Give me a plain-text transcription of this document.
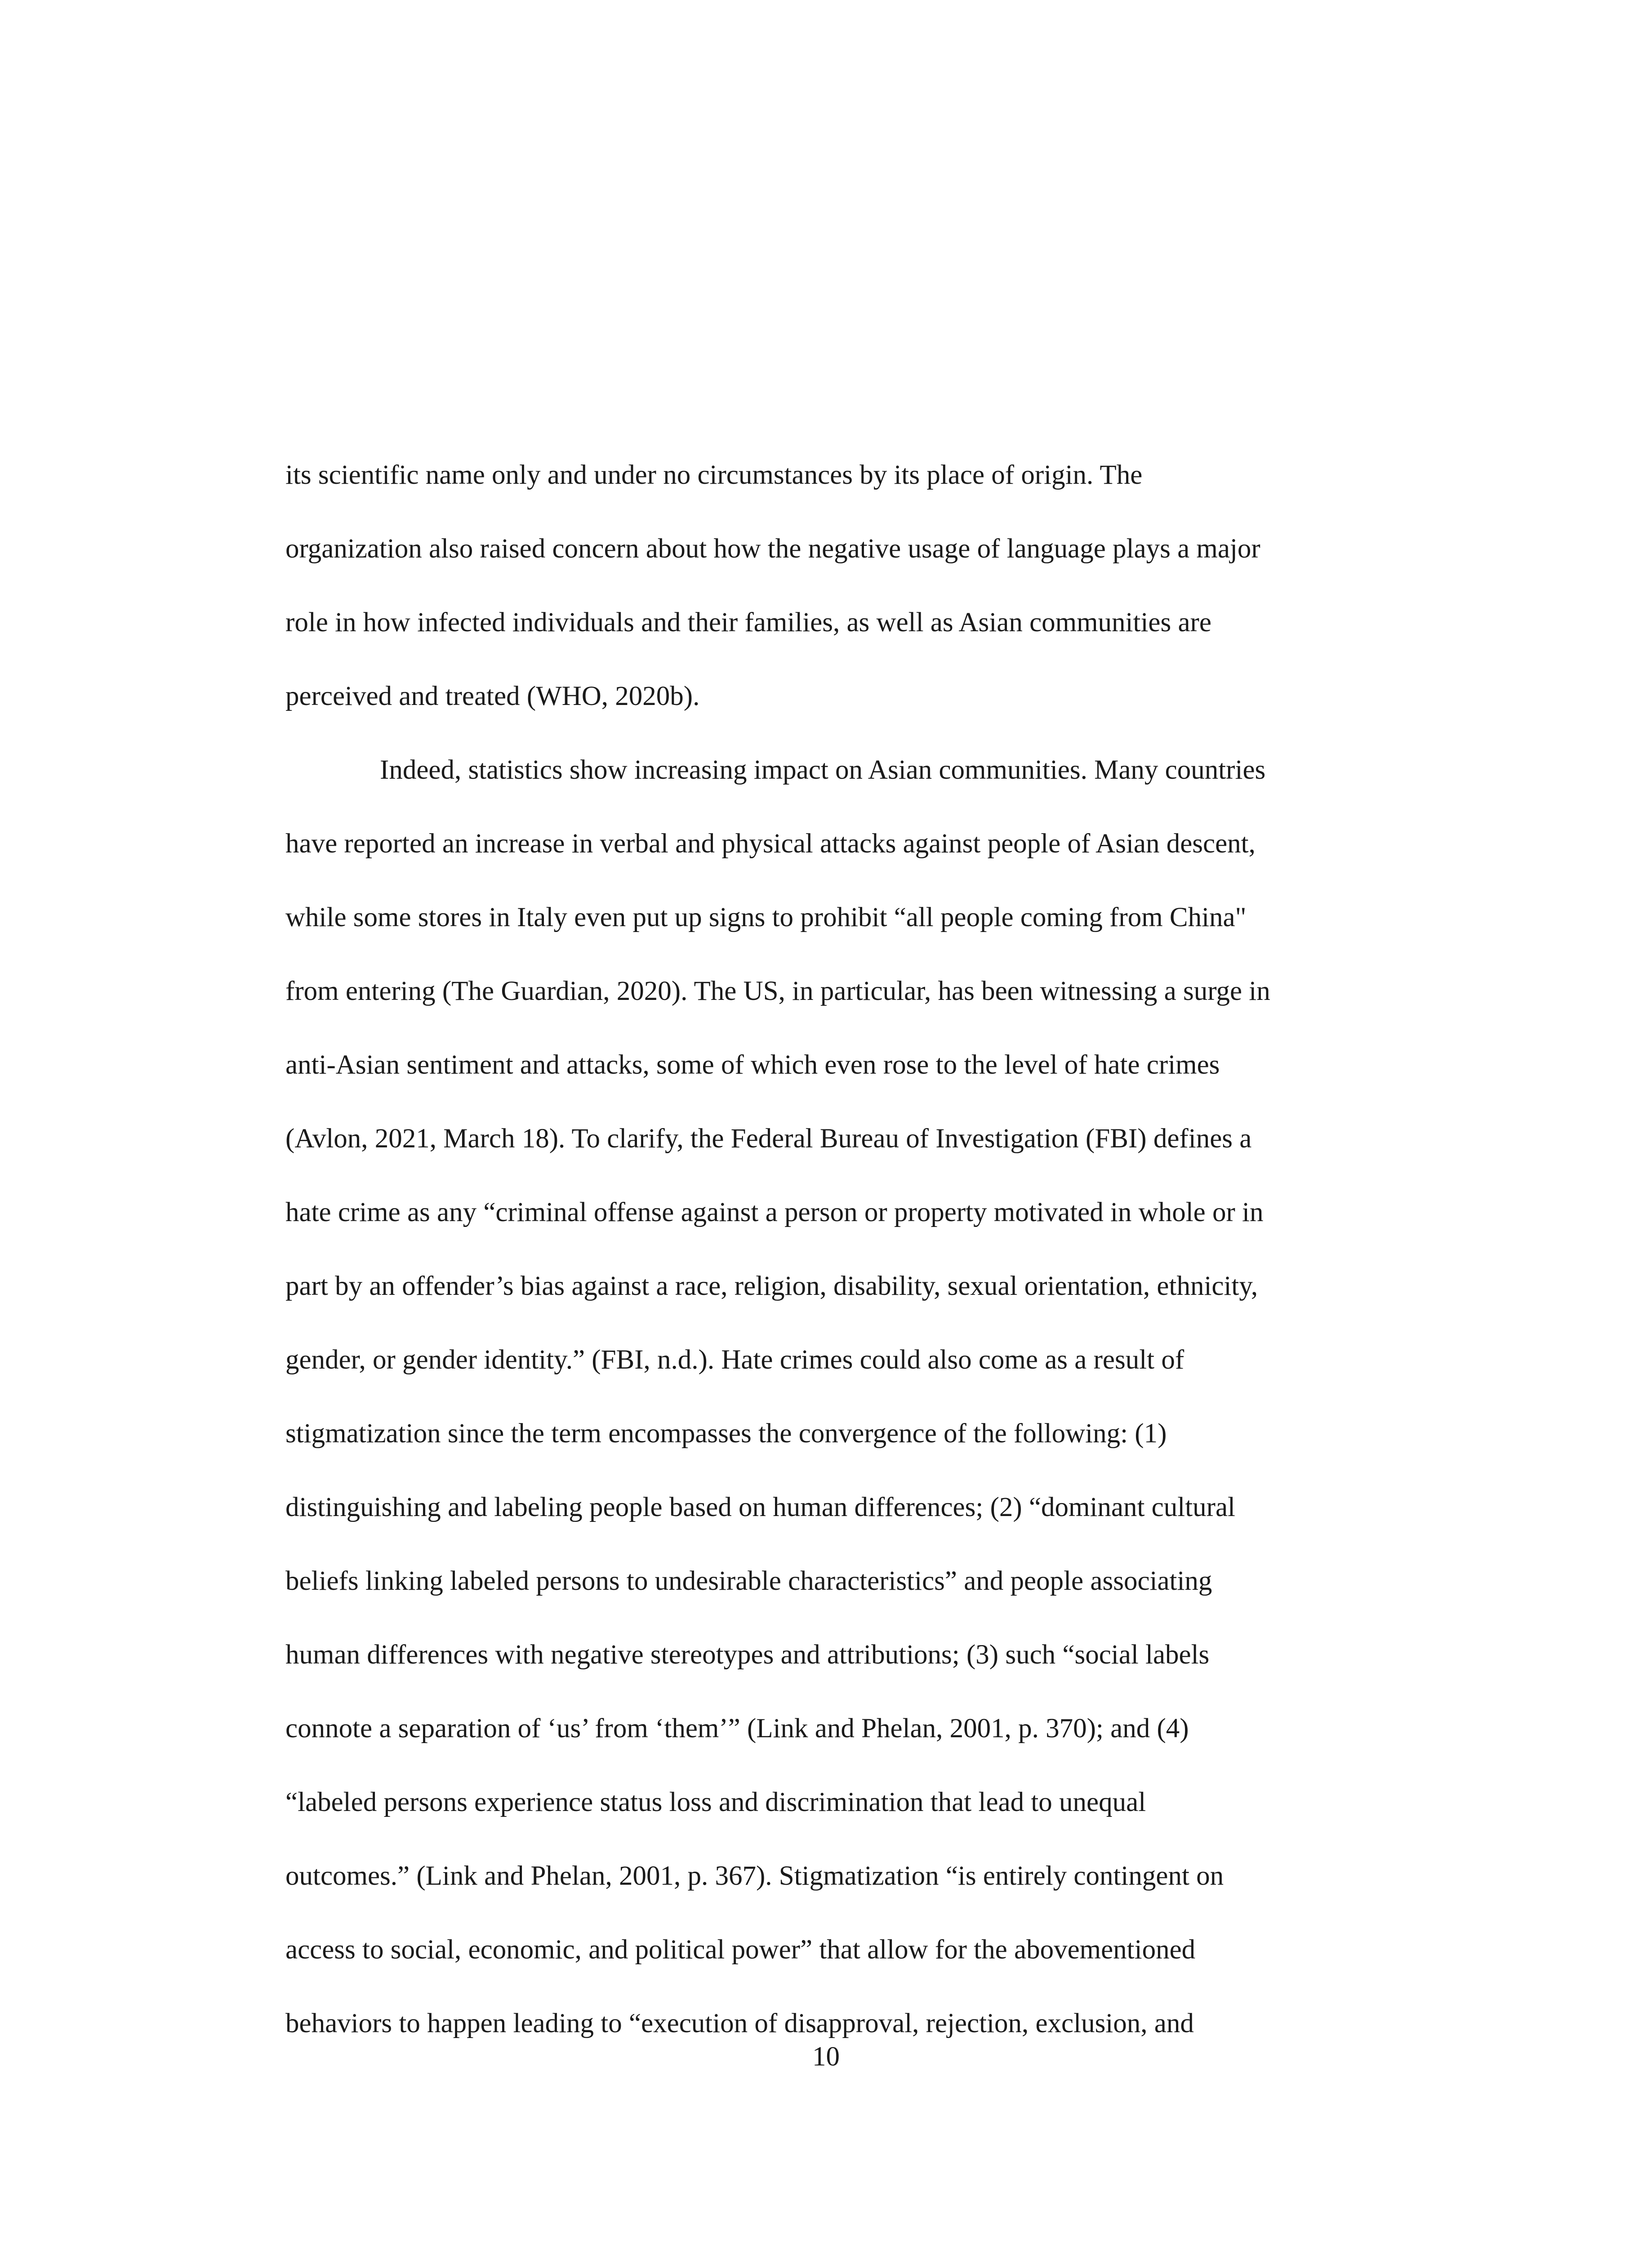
its scientific name only and under no circumstances by its place of origin. The
organization also raised concern about how the negative usage of language plays a major
role in how infected individuals and their families, as well as Asian communities are
perceived and treated (WHO, 2020b).
Indeed, statistics show increasing impact on Asian communities. Many countries
have reported an increase in verbal and physical attacks against people of Asian descent,
while some stores in Italy even put up signs to prohibit “all people coming from China"
from entering (The Guardian, 2020). The US, in particular, has been witnessing a surge in
anti-Asian sentiment and attacks, some of which even rose to the level of hate crimes
(Avlon, 2021, March 18). To clarify, the Federal Bureau of Investigation (FBI) defines a
hate crime as any “criminal offense against a person or property motivated in whole or in
part by an offender’s bias against a race, religion, disability, sexual orientation, ethnicity,
gender, or gender identity.” (FBI, n.d.). Hate crimes could also come as a result of
stigmatization since the term encompasses the convergence of the following: (1)
distinguishing and labeling people based on human differences; (2) “dominant cultural
beliefs linking labeled persons to undesirable characteristics” and people associating
human differences with negative stereotypes and attributions; (3) such “social labels
connote a separation of ‘us’ from ‘them’” (Link and Phelan, 2001, p. 370); and (4)
“labeled persons experience status loss and discrimination that lead to unequal
outcomes.” (Link and Phelan, 2001, p. 367). Stigmatization “is entirely contingent on
access to social, economic, and political power” that allow for the abovementioned
behaviors to happen leading to “execution of disapproval, rejection, exclusion, and
10
